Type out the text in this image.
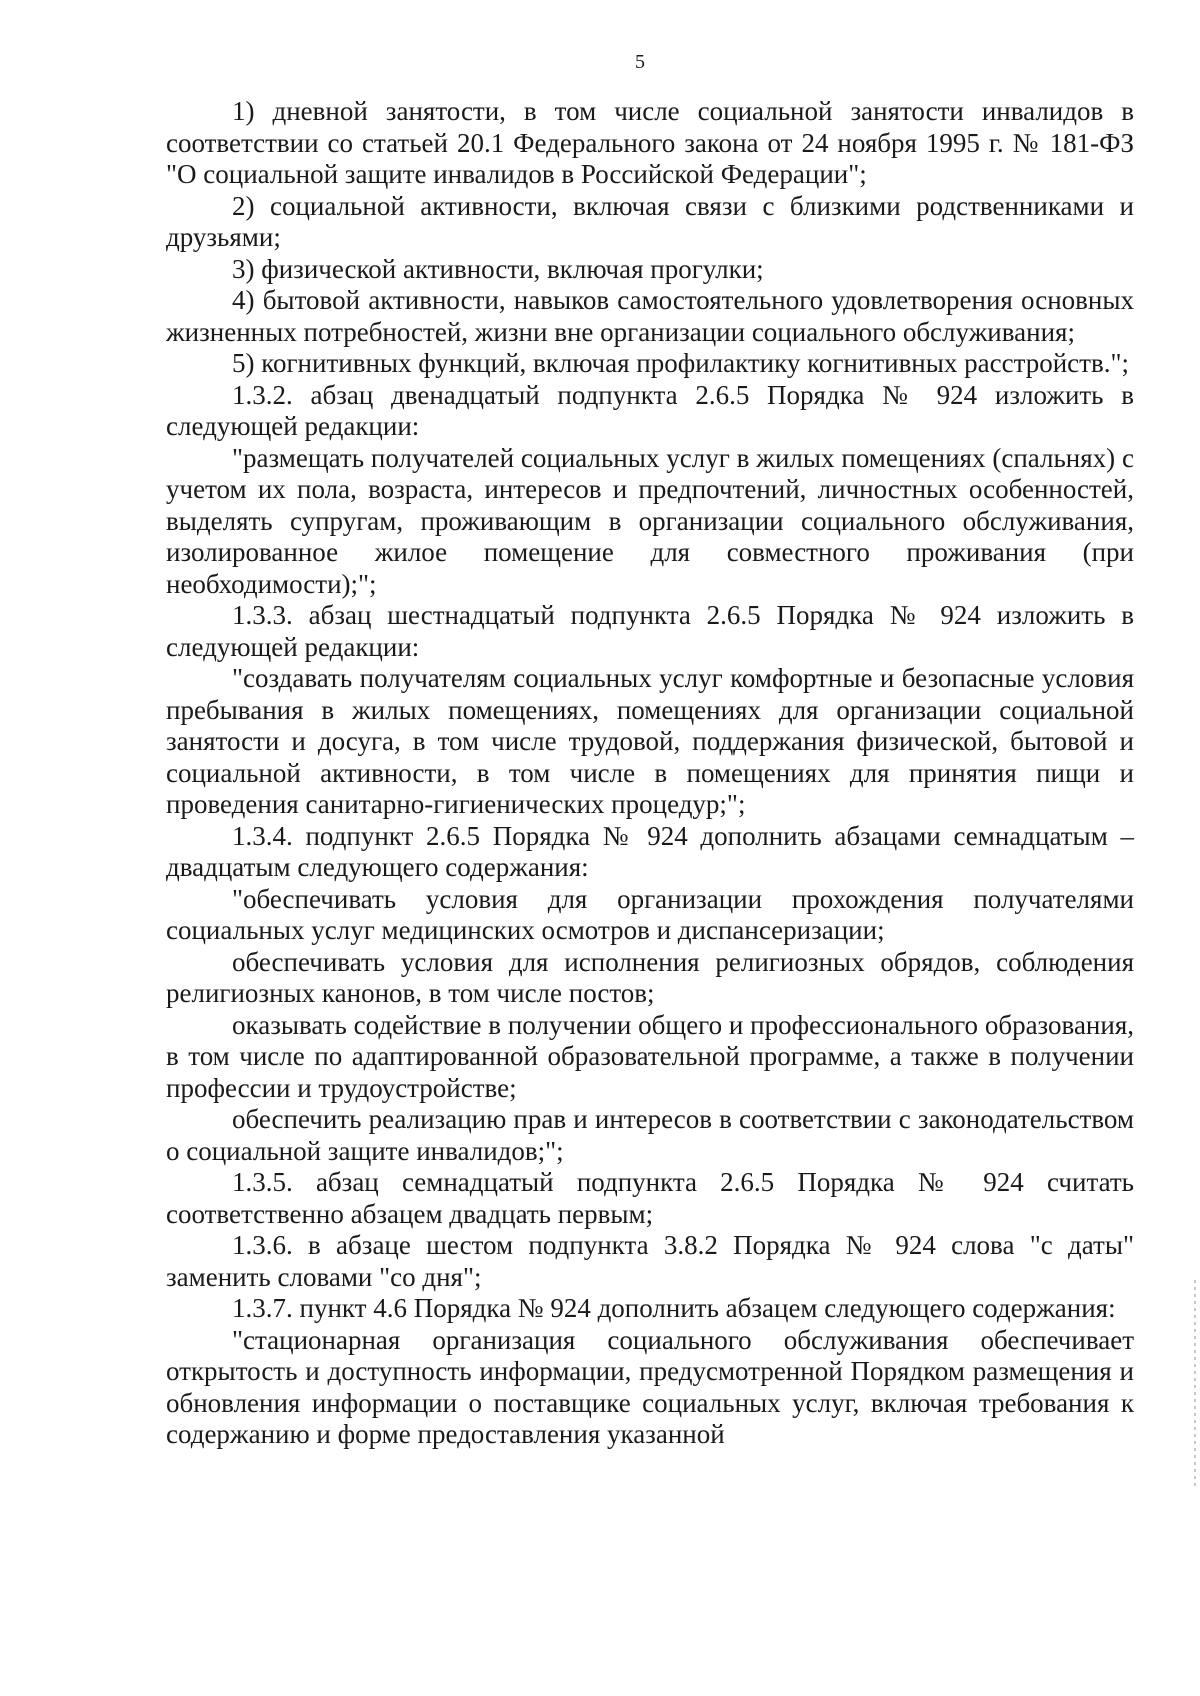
5

1) дневной занятости, в том числе социальной занятости инвалидов в соответствии со статьей 20.1 Федерального закона от 24 ноября 1995 г. № 181-ФЗ "О социальной защите инвалидов в Российской Федерации";

2) социальной активности, включая связи с близкими родственниками и друзьями;

3) физической активности, включая прогулки;

4) бытовой активности, навыков самостоятельного удовлетворения основных жизненных потребностей, жизни вне организации социального обслуживания;

5) когнитивных функций, включая профилактику когнитивных расстройств.";

1.3.2. абзац двенадцатый подпункта 2.6.5 Порядка № 924 изложить в следующей редакции:

"размещать получателей социальных услуг в жилых помещениях (спальнях) с учетом их пола, возраста, интересов и предпочтений, личностных особенностей, выделять супругам, проживающим в организации социального обслуживания, изолированное жилое помещение для совместного проживания (при необходимости);";

1.3.3. абзац шестнадцатый подпункта 2.6.5 Порядка № 924 изложить в следующей редакции:

"создавать получателям социальных услуг комфортные и безопасные условия пребывания в жилых помещениях, помещениях для организации социальной занятости и досуга, в том числе трудовой, поддержания физической, бытовой и социальной активности, в том числе в помещениях для принятия пищи и проведения санитарно-гигиенических процедур;";

1.3.4. подпункт 2.6.5 Порядка № 924 дополнить абзацами семнадцатым – двадцатым следующего содержания:

"обеспечивать условия для организации прохождения получателями социальных услуг медицинских осмотров и диспансеризации;

обеспечивать условия для исполнения религиозных обрядов, соблюдения религиозных канонов, в том числе постов;

оказывать содействие в получении общего и профессионального образования, в том числе по адаптированной образовательной программе, а также в получении профессии и трудоустройстве;

обеспечить реализацию прав и интересов в соответствии с законодательством о социальной защите инвалидов;";

1.3.5. абзац семнадцатый подпункта 2.6.5 Порядка № 924 считать соответственно абзацем двадцать первым;

1.3.6. в абзаце шестом подпункта 3.8.2 Порядка № 924 слова "с даты" заменить словами "со дня";

1.3.7. пункт 4.6 Порядка № 924 дополнить абзацем следующего содержания:

"стационарная организация социального обслуживания обеспечивает открытость и доступность информации, предусмотренной Порядком размещения и обновления информации о поставщике социальных услуг, включая требования к содержанию и форме предоставления указанной
